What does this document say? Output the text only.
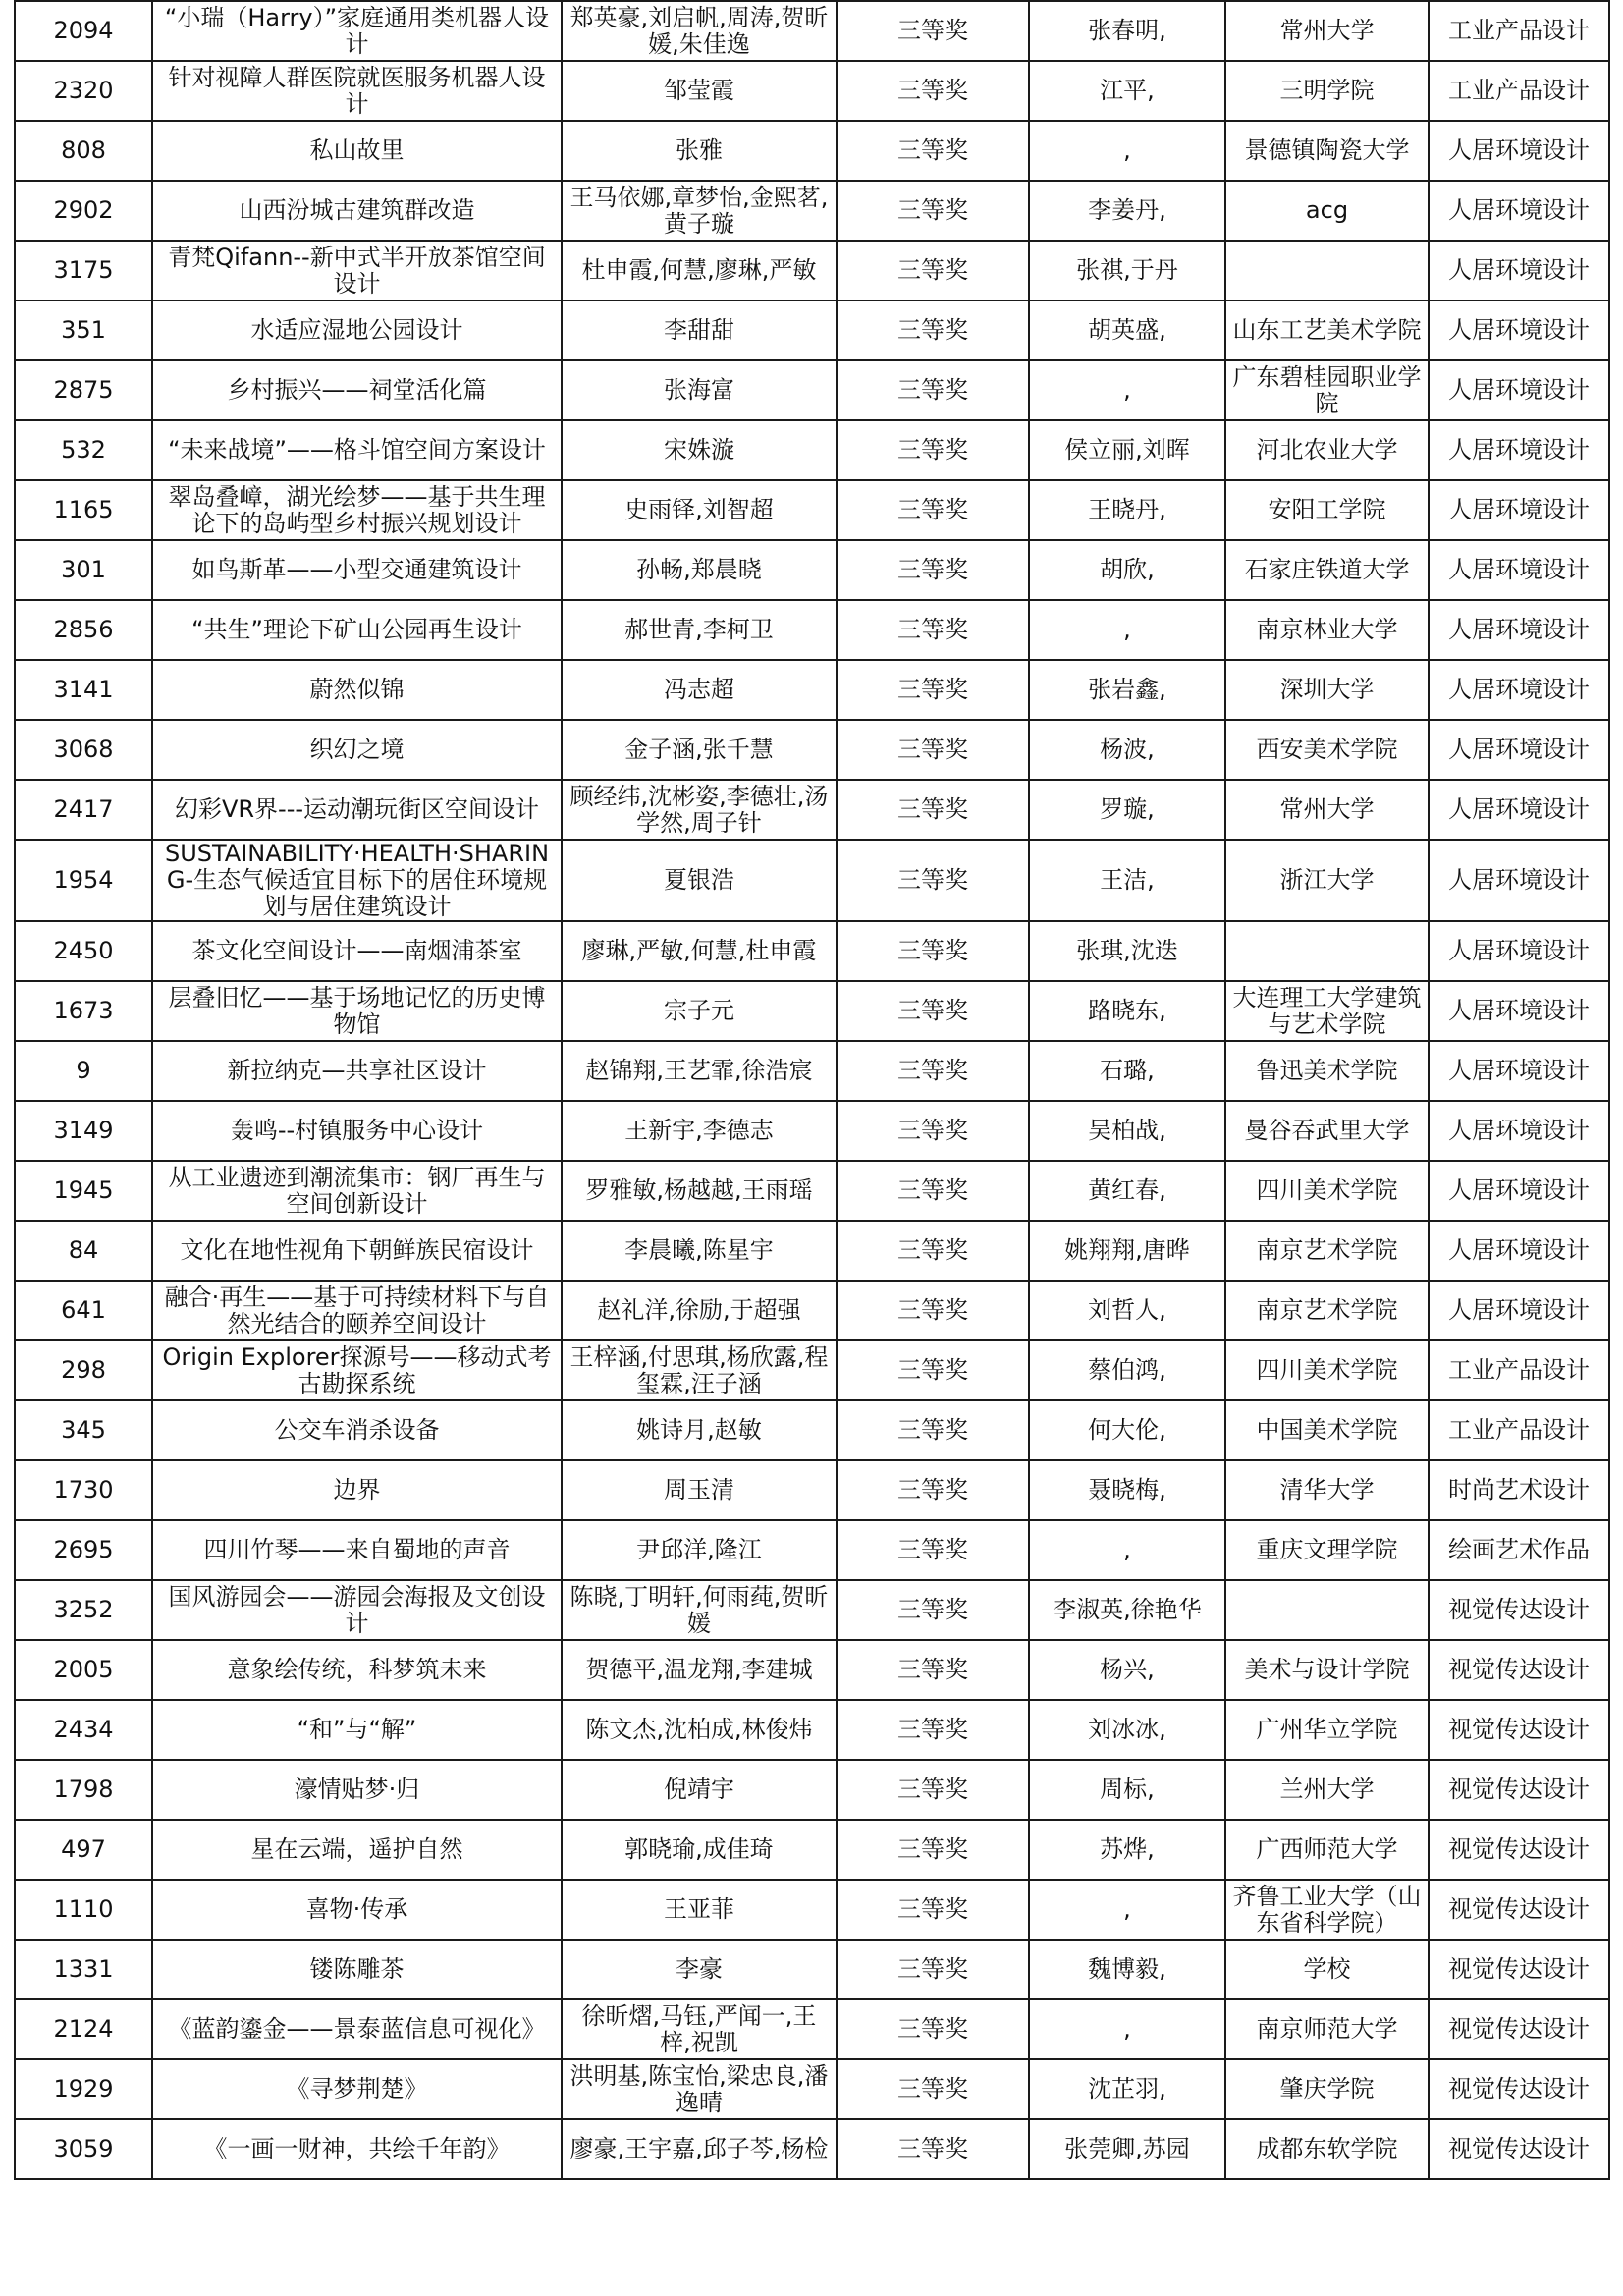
2094	“小瑞（Harry）”家庭通用类机器人设计	郑英豪,刘启帆,周涛,贺昕媛,朱佳逸	三等奖	张春明,	常州大学	工业产品设计
2320	针对视障人群医院就医服务机器人设计	邹莹霞	三等奖	江平,	三明学院	工业产品设计
808	私山故里	张雅	三等奖	,	景德镇陶瓷大学	人居环境设计
2902	山西汾城古建筑群改造	王马依娜,章梦怡,金熙茗,黄子璇	三等奖	李姜丹,	acg	人居环境设计
3175	青梵Qifann--新中式半开放茶馆空间设计	杜申霞,何慧,廖琳,严敏	三等奖	张祺,于丹		人居环境设计
351	水适应湿地公园设计	李甜甜	三等奖	胡英盛,	山东工艺美术学院	人居环境设计
2875	乡村振兴——祠堂活化篇	张海富	三等奖	,	广东碧桂园职业学院	人居环境设计
532	“未来战境”——格斗馆空间方案设计	宋姝漩	三等奖	侯立丽,刘晖	河北农业大学	人居环境设计
1165	翠岛叠嶂，湖光绘梦——基于共生理论下的岛屿型乡村振兴规划设计	史雨铎,刘智超	三等奖	王晓丹,	安阳工学院	人居环境设计
301	如鸟斯革——小型交通建筑设计	孙畅,郑晨晓	三等奖	胡欣,	石家庄铁道大学	人居环境设计
2856	“共生”理论下矿山公园再生设计	郝世青,李柯卫	三等奖	,	南京林业大学	人居环境设计
3141	蔚然似锦	冯志超	三等奖	张岩鑫,	深圳大学	人居环境设计
3068	织幻之境	金子涵,张千慧	三等奖	杨波,	西安美术学院	人居环境设计
2417	幻彩VR界---运动潮玩街区空间设计	顾经纬,沈彬姿,李德壮,汤学然,周子针	三等奖	罗璇,	常州大学	人居环境设计
1954	SUSTAINABILITY·HEALTH·SHARING-生态气候适宜目标下的居住环境规划与居住建筑设计	夏银浩	三等奖	王洁,	浙江大学	人居环境设计
2450	茶文化空间设计——南烟浦茶室	廖琳,严敏,何慧,杜申霞	三等奖	张琪,沈迭		人居环境设计
1673	层叠旧忆——基于场地记忆的历史博物馆	宗子元	三等奖	路晓东,	大连理工大学建筑与艺术学院	人居环境设计
9	新拉纳克—共享社区设计	赵锦翔,王艺霏,徐浩宸	三等奖	石璐,	鲁迅美术学院	人居环境设计
3149	轰鸣--村镇服务中心设计	王新宇,李德志	三等奖	吴柏战,	曼谷吞武里大学	人居环境设计
1945	从工业遗迹到潮流集市：钢厂再生与空间创新设计	罗雅敏,杨越越,王雨瑶	三等奖	黄红春,	四川美术学院	人居环境设计
84	文化在地性视角下朝鲜族民宿设计	李晨曦,陈星宇	三等奖	姚翔翔,唐晔	南京艺术学院	人居环境设计
641	融合·再生——基于可持续材料下与自然光结合的颐养空间设计	赵礼洋,徐励,于超强	三等奖	刘哲人,	南京艺术学院	人居环境设计
298	Origin Explorer探源号——移动式考古勘探系统	王梓涵,付思琪,杨欣露,程玺霖,汪子涵	三等奖	蔡伯鸿,	四川美术学院	工业产品设计
345	公交车消杀设备	姚诗月,赵敏	三等奖	何大伦,	中国美术学院	工业产品设计
1730	边界	周玉清	三等奖	聂晓梅,	清华大学	时尚艺术设计
2695	四川竹琴——来自蜀地的声音	尹邱洋,隆江	三等奖	,	重庆文理学院	绘画艺术作品
3252	国风游园会——游园会海报及文创设计	陈晓,丁明轩,何雨莼,贺昕媛	三等奖	李淑英,徐艳华		视觉传达设计
2005	意象绘传统，科梦筑未来	贺德平,温龙翔,李建城	三等奖	杨兴,	美术与设计学院	视觉传达设计
2434	“和”与“解”	陈文杰,沈柏成,林俊炜	三等奖	刘冰冰,	广州华立学院	视觉传达设计
1798	濠情贴梦·归	倪靖宇	三等奖	周标,	兰州大学	视觉传达设计
497	星在云端，遥护自然	郭晓瑜,成佳琦	三等奖	苏烨,	广西师范大学	视觉传达设计
1110	喜物·传承	王亚菲	三等奖	,	齐鲁工业大学（山东省科学院）	视觉传达设计
1331	镂陈雕茶	李豪	三等奖	魏博毅,	学校	视觉传达设计
2124	《蓝韵鎏金——景泰蓝信息可视化》	徐昕熠,马钰,严闻一,王梓,祝凯	三等奖	,	南京师范大学	视觉传达设计
1929	《寻梦荆楚》	洪明基,陈宝怡,梁忠良,潘逸晴	三等奖	沈芷羽,	肇庆学院	视觉传达设计
3059	《一画一财神，共绘千年韵》	廖豪,王宇嘉,邱子芩,杨检	三等奖	张莞卿,苏园	成都东软学院	视觉传达设计
